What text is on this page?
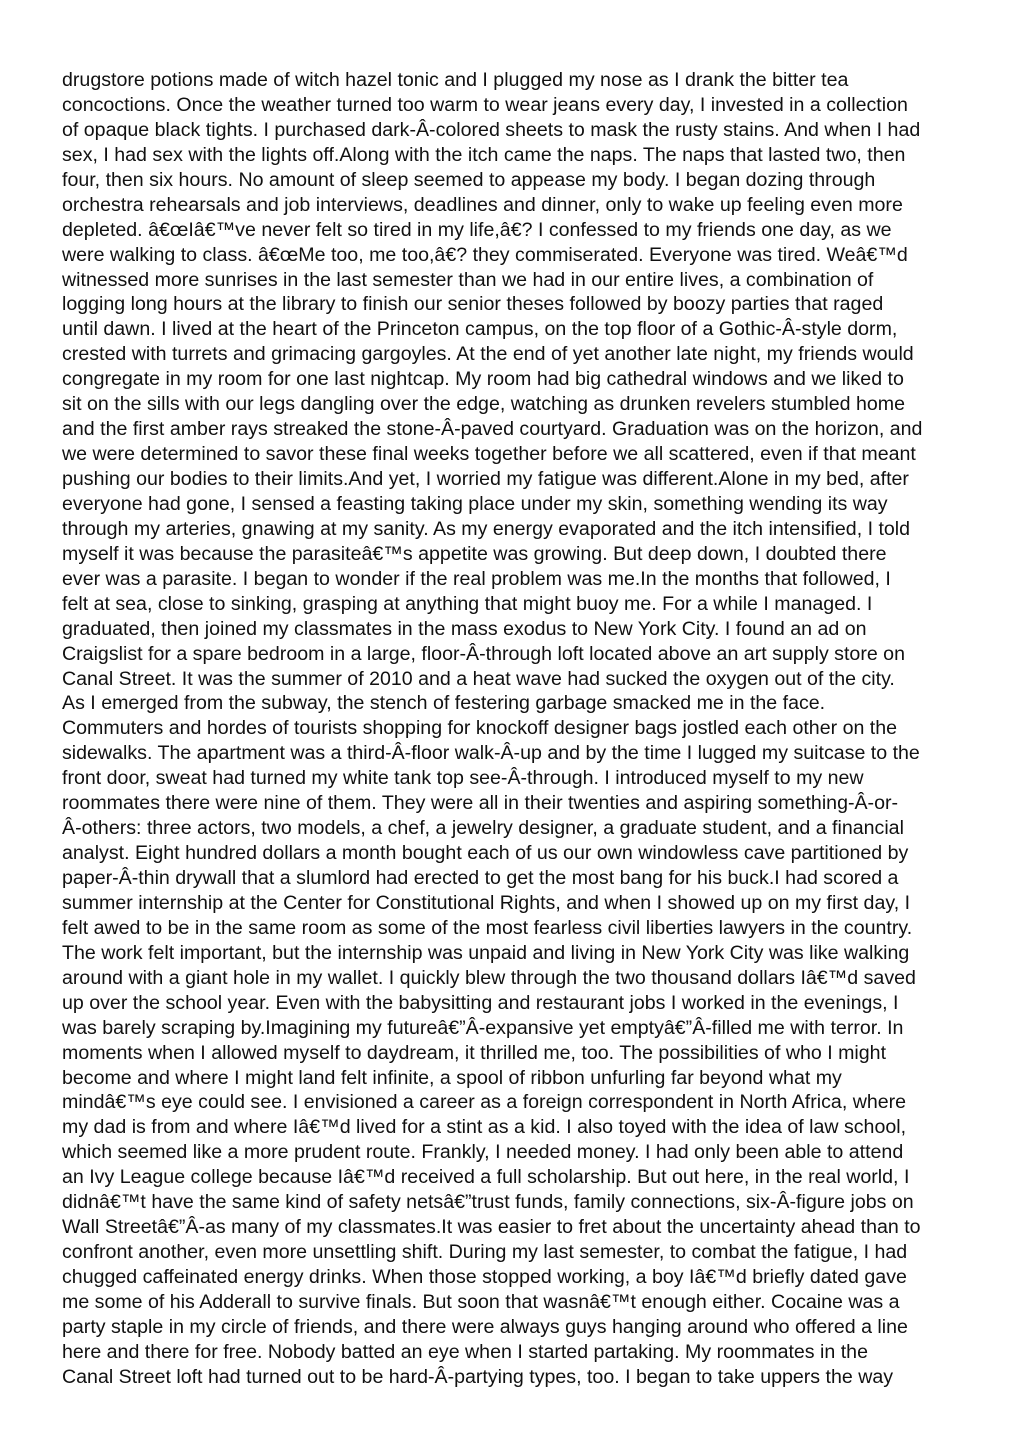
drugstore potions made of witch hazel tonic and I plugged my nose as I drank the bitter tea
concoctions. Once the weather turned too warm to wear jeans every day, I invested in a collection
of opaque black tights. I purchased dark-Â-colored sheets to mask the rusty stains. And when I had
sex, I had sex with the lights off.Along with the itch came the naps. The naps that lasted two, then
four, then six hours. No amount of sleep seemed to appease my body. I began dozing through
orchestra rehearsals and job interviews, deadlines and dinner, only to wake up feeling even more
depleted. â€œIâ€™ve never felt so tired in my life,â€? I confessed to my friends one day, as we
were walking to class. â€œMe too, me too,â€? they commiserated. Everyone was tired. Weâ€™d
witnessed more sunrises in the last semester than we had in our entire lives, a combination of
logging long hours at the library to finish our senior theses followed by boozy parties that raged
until dawn. I lived at the heart of the Princeton campus, on the top floor of a Gothic-Â-style dorm,
crested with turrets and grimacing gargoyles. At the end of yet another late night, my friends would
congregate in my room for one last nightcap. My room had big cathedral windows and we liked to
sit on the sills with our legs dangling over the edge, watching as drunken revelers stumbled home
and the first amber rays streaked the stone-Â-paved courtyard. Graduation was on the horizon, and
we were determined to savor these final weeks together before we all scattered, even if that meant
pushing our bodies to their limits.And yet, I worried my fatigue was different.Alone in my bed, after
everyone had gone, I sensed a feasting taking place under my skin, something wending its way
through my arteries, gnawing at my sanity. As my energy evaporated and the itch intensified, I told
myself it was because the parasiteâ€™s appetite was growing. But deep down, I doubted there
ever was a parasite. I began to wonder if the real problem was me.In the months that followed, I
felt at sea, close to sinking, grasping at anything that might buoy me. For a while I managed. I
graduated, then joined my classmates in the mass exodus to New York City. I found an ad on
Craigslist for a spare bedroom in a large, floor-Â-through loft located above an art supply store on
Canal Street. It was the summer of 2010 and a heat wave had sucked the oxygen out of the city.
As I emerged from the subway, the stench of festering garbage smacked me in the face.
Commuters and hordes of tourists shopping for knockoff designer bags jostled each other on the
sidewalks. The apartment was a third-Â-floor walk-Â-up and by the time I lugged my suitcase to the
front door, sweat had turned my white tank top see-Â-through. I introduced myself to my new
roommates there were nine of them. They were all in their twenties and aspiring something-Â-or-
Â-others: three actors, two models, a chef, a jewelry designer, a graduate student, and a financial
analyst. Eight hundred dollars a month bought each of us our own windowless cave partitioned by
paper-Â-thin drywall that a slumlord had erected to get the most bang for his buck.I had scored a
summer internship at the Center for Constitutional Rights, and when I showed up on my first day, I
felt awed to be in the same room as some of the most fearless civil liberties lawyers in the country.
The work felt important, but the internship was unpaid and living in New York City was like walking
around with a giant hole in my wallet. I quickly blew through the two thousand dollars Iâ€™d saved
up over the school year. Even with the babysitting and restaurant jobs I worked in the evenings, I
was barely scraping by.Imagining my futureâ€”Â-expansive yet emptyâ€”Â-filled me with terror. In
moments when I allowed myself to daydream, it thrilled me, too. The possibilities of who I might
become and where I might land felt infinite, a spool of ribbon unfurling far beyond what my
mindâ€™s eye could see. I envisioned a career as a foreign correspondent in North Africa, where
my dad is from and where Iâ€™d lived for a stint as a kid. I also toyed with the idea of law school,
which seemed like a more prudent route. Frankly, I needed money. I had only been able to attend
an Ivy League college because Iâ€™d received a full scholarship. But out here, in the real world, I
didnâ€™t have the same kind of safety netsâ€”trust funds, family connections, six-Â-figure jobs on
Wall Streetâ€”Â-as many of my classmates.It was easier to fret about the uncertainty ahead than to
confront another, even more unsettling shift. During my last semester, to combat the fatigue, I had
chugged caffeinated energy drinks. When those stopped working, a boy Iâ€™d briefly dated gave
me some of his Adderall to survive finals. But soon that wasnâ€™t enough either. Cocaine was a
party staple in my circle of friends, and there were always guys hanging around who offered a line
here and there for free. Nobody batted an eye when I started partaking. My roommates in the
Canal Street loft had turned out to be hard-Â-partying types, too. I began to take uppers the way
